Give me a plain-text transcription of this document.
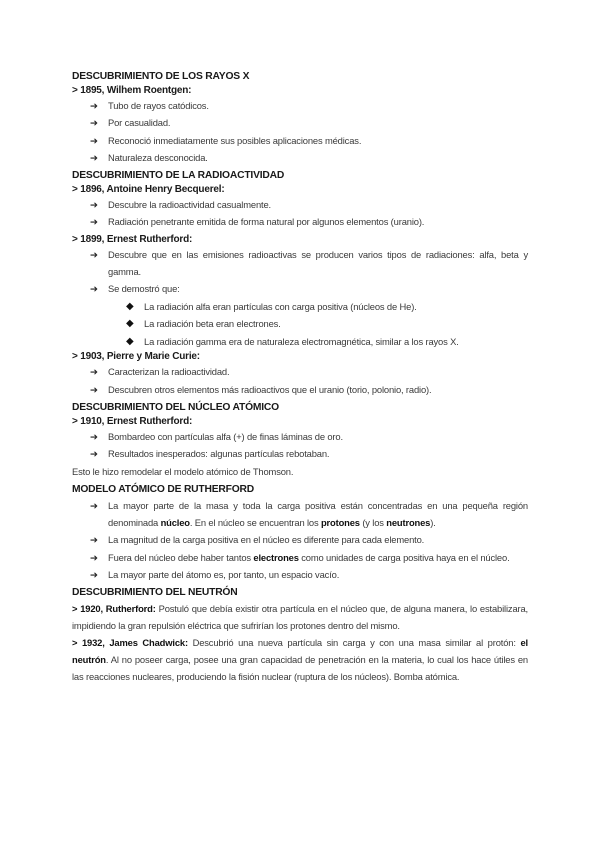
DESCUBRIMIENTO DE LOS RAYOS X
> 1895, Wilhem Roentgen:
➔ Tubo de rayos catódicos.
➔ Por casualidad.
➔ Reconoció inmediatamente sus posibles aplicaciones médicas.
➔ Naturaleza desconocida.
DESCUBRIMIENTO DE LA RADIOACTIVIDAD
> 1896, Antoine Henry Becquerel:
➔ Descubre la radioactividad casualmente.
➔ Radiación penetrante emitida de forma natural por algunos elementos (uranio).
> 1899, Ernest Rutherford:
➔ Descubre que en las emisiones radioactivas se producen varios tipos de radiaciones: alfa, beta y gamma.
➔ Se demostró que:
◆ La radiación alfa eran partículas con carga positiva (núcleos de He).
◆ La radiación beta eran electrones.
◆ La radiación gamma era de naturaleza electromagnética, similar a los rayos X.
> 1903, Pierre y Marie Curie:
➔ Caracterizan la radioactividad.
➔ Descubren otros elementos más radioactivos que el uranio (torio, polonio, radio).
DESCUBRIMIENTO DEL NÚCLEO ATÓMICO
> 1910, Ernest Rutherford:
➔ Bombardeo con partículas alfa (+) de finas láminas de oro.
➔ Resultados inesperados: algunas partículas rebotaban.
Esto le hizo remodelar el modelo atómico de Thomson.
MODELO ATÓMICO DE RUTHERFORD
➔ La mayor parte de la masa y toda la carga positiva están concentradas en una pequeña región denominada núcleo. En el núcleo se encuentran los protones (y los neutrones).
➔ La magnitud de la carga positiva en el núcleo es diferente para cada elemento.
➔ Fuera del núcleo debe haber tantos electrones como unidades de carga positiva haya en el núcleo.
➔ La mayor parte del átomo es, por tanto, un espacio vacío.
DESCUBRIMIENTO DEL NEUTRÓN
> 1920, Rutherford: Postuló que debía existir otra partícula en el núcleo que, de alguna manera, lo estabilizara, impidiendo la gran repulsión eléctrica que sufrirían los protones dentro del mismo.
> 1932, James Chadwick: Descubrió una nueva partícula sin carga y con una masa similar al protón: el neutrón. Al no poseer carga, posee una gran capacidad de penetración en la materia, lo cual los hace útiles en las reacciones nucleares, produciendo la fisión nuclear (ruptura de los núcleos). Bomba atómica.
